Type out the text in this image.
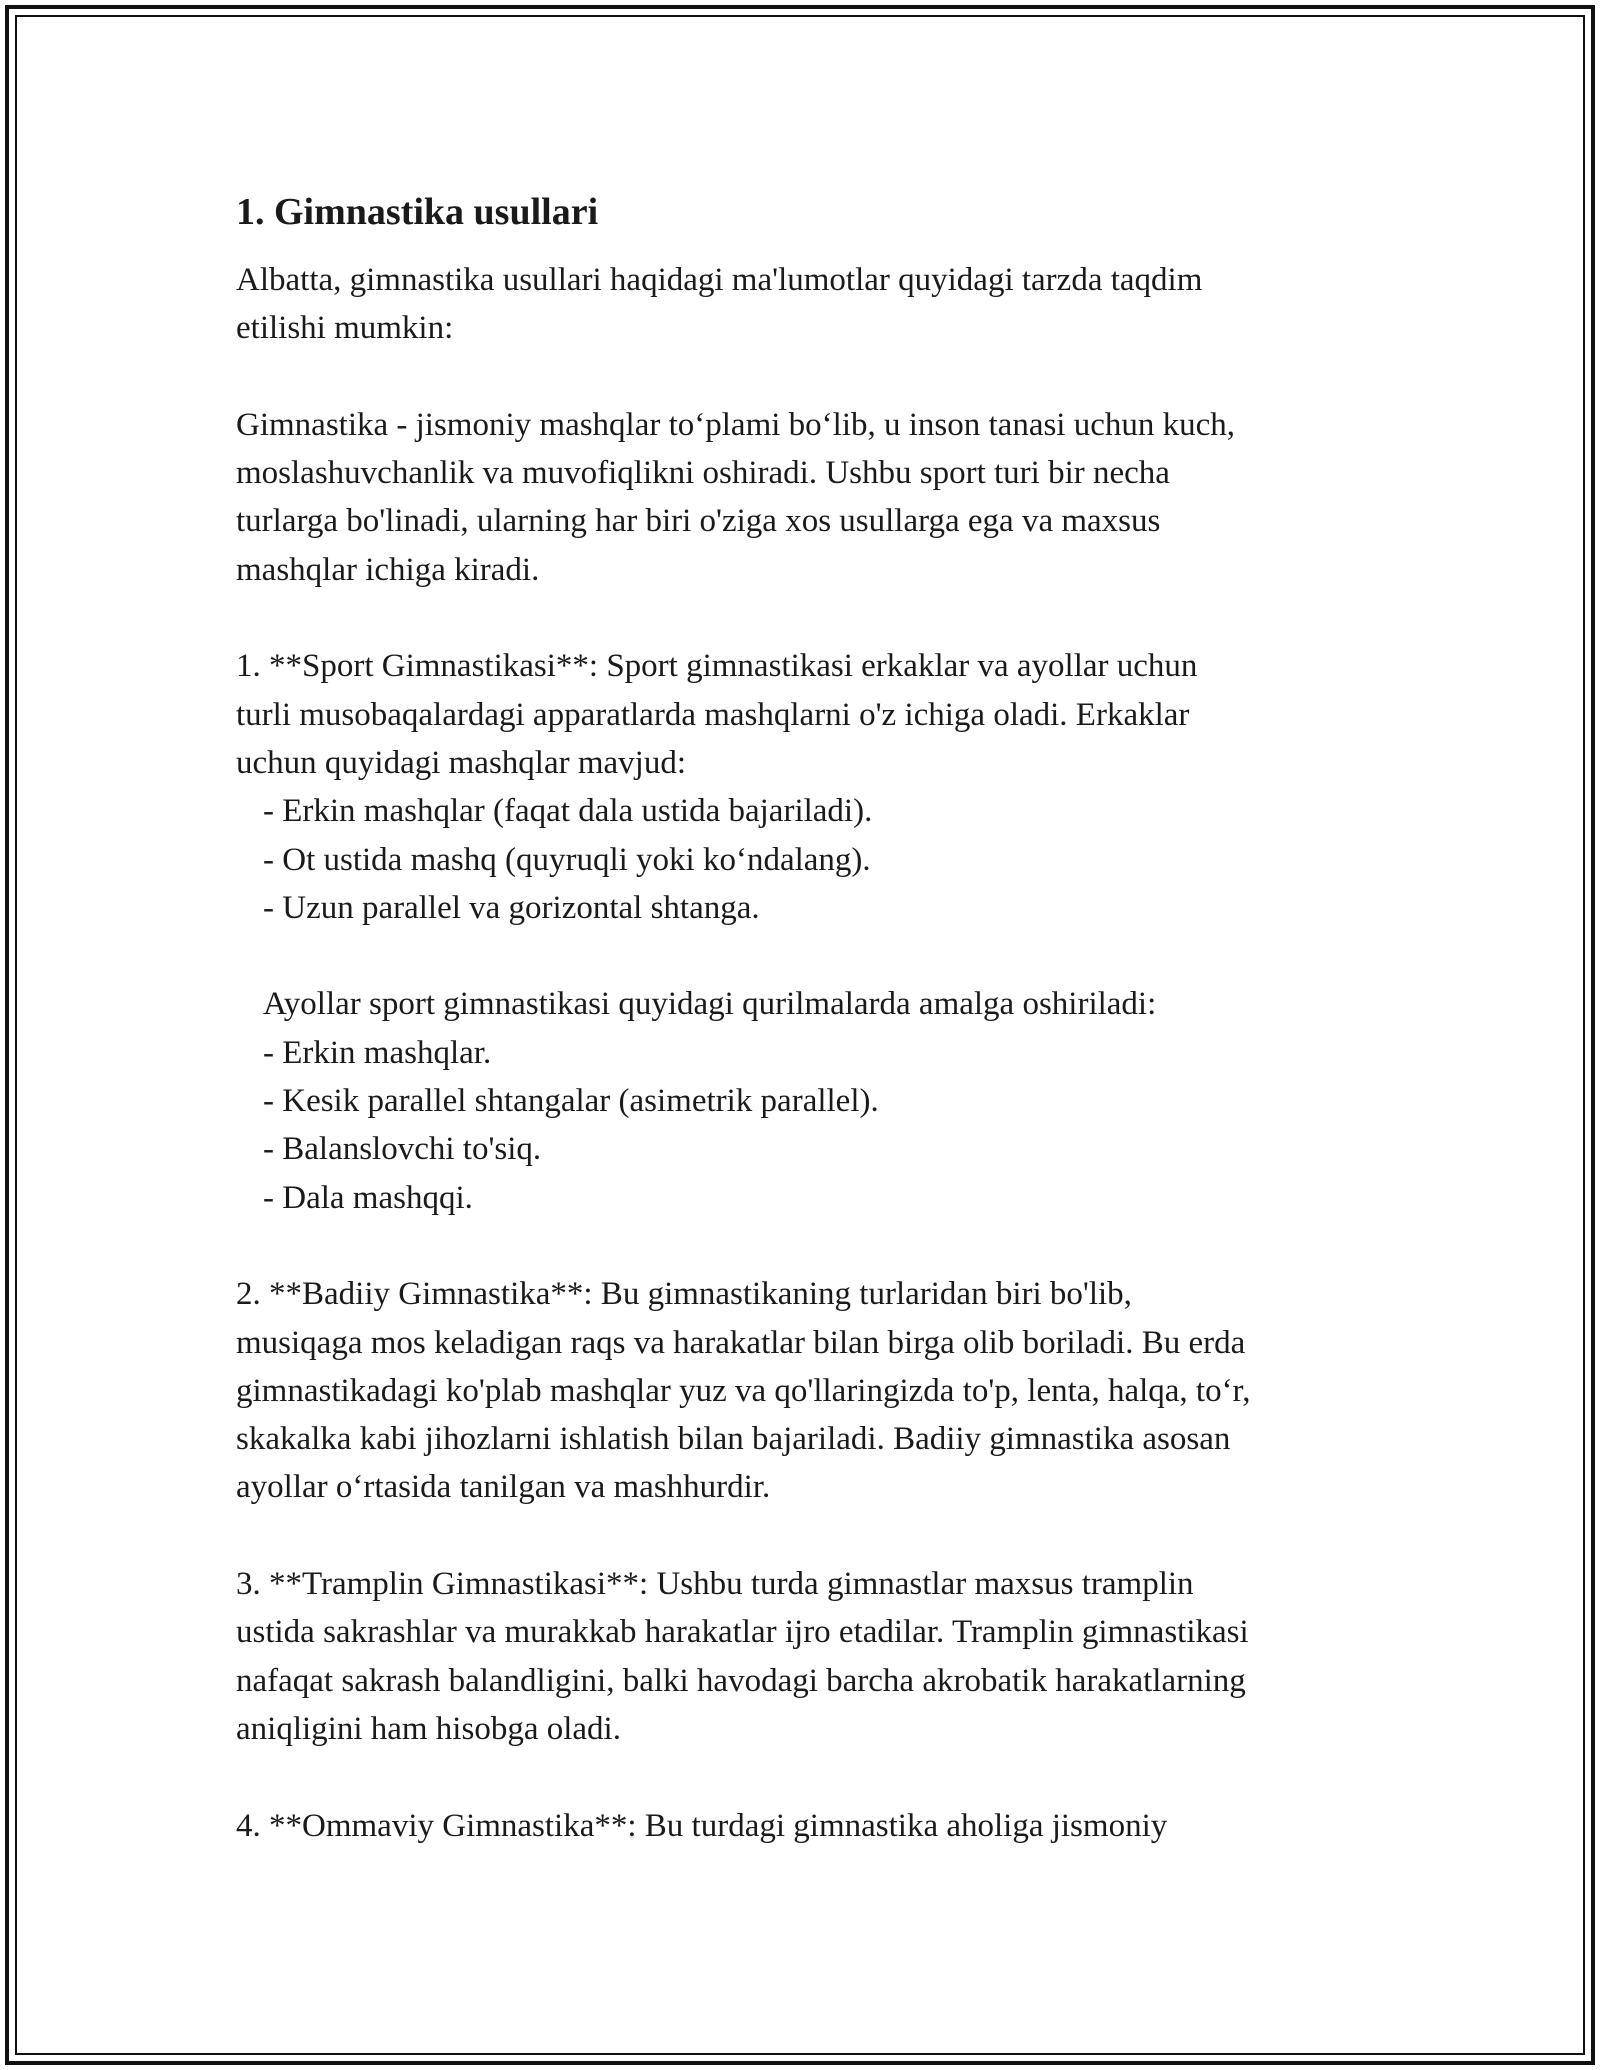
1. Gimnastika usullari
Albatta, gimnastika usullari haqidagi ma'lumotlar quyidagi tarzda taqdim
etilishi mumkin:
Gimnastika - jismoniy mashqlar to‘plami bo‘lib, u inson tanasi uchun kuch,
moslashuvchanlik va muvofiqlikni oshiradi. Ushbu sport turi bir necha
turlarga bo'linadi, ularning har biri o'ziga xos usullarga ega va maxsus
mashqlar ichiga kiradi.
1. **Sport Gimnastikasi**: Sport gimnastikasi erkaklar va ayollar uchun
turli musobaqalardagi apparatlarda mashqlarni o'z ichiga oladi. Erkaklar
uchun quyidagi mashqlar mavjud:
- Erkin mashqlar (faqat dala ustida bajariladi).
- Ot ustida mashq (quyruqli yoki ko‘ndalang).
- Uzun parallel va gorizontal shtanga.
Ayollar sport gimnastikasi quyidagi qurilmalarda amalga oshiriladi:
- Erkin mashqlar.
- Kesik parallel shtangalar (asimetrik parallel).
- Balanslovchi to'siq.
- Dala mashqqi.
2. **Badiiy Gimnastika**: Bu gimnastikaning turlaridan biri bo'lib,
musiqaga mos keladigan raqs va harakatlar bilan birga olib boriladi. Bu erda
gimnastikadagi ko'plab mashqlar yuz va qo'llaringizda to'p, lenta, halqa, to‘r,
skakalka kabi jihozlarni ishlatish bilan bajariladi. Badiiy gimnastika asosan
ayollar o‘rtasida tanilgan va mashhurdir.
3. **Tramplin Gimnastikasi**: Ushbu turda gimnastlar maxsus tramplin
ustida sakrashlar va murakkab harakatlar ijro etadilar. Tramplin gimnastikasi
nafaqat sakrash balandligini, balki havodagi barcha akrobatik harakatlarning
aniqligini ham hisobga oladi.
4. **Ommaviy Gimnastika**: Bu turdagi gimnastika aholiga jismoniy
